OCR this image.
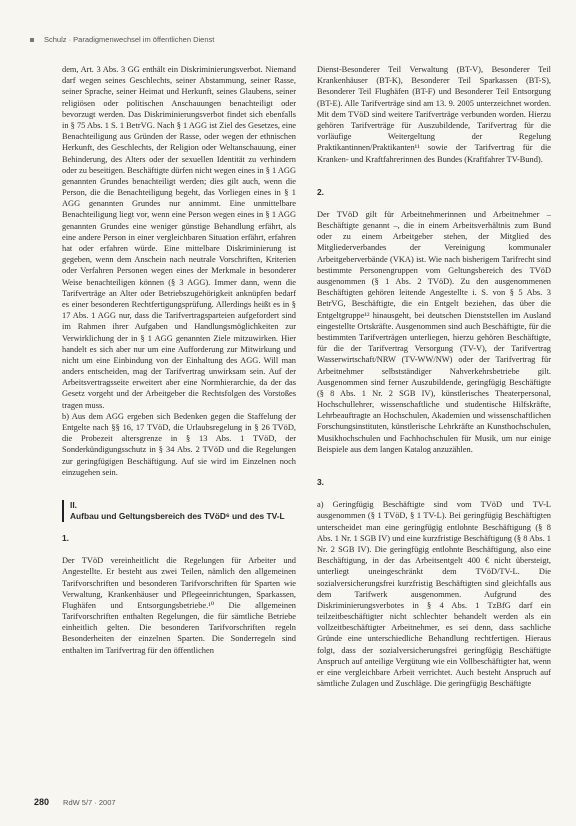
Schulz · Paradigmenwechsel im öffentlichen Dienst

dem, Art. 3 Abs. 3 GG enthält ein Diskriminierungsverbot. Niemand darf wegen seines Geschlechts, seiner Abstammung, seiner Rasse, seiner Sprache, seiner Heimat und Herkunft, seines Glaubens, seiner religiösen oder politischen Anschauungen benachteiligt oder bevorzugt werden. Das Diskriminierungsverbot findet sich ebenfalls in § 75 Abs. 1 S. 1 BetrVG. Nach § 1 AGG ist Ziel des Gesetzes, eine Benachteiligung aus Gründen der Rasse, oder wegen der ethnischen Herkunft, des Geschlechts, der Religion oder Weltanschauung, einer Behinderung, des Alters oder der sexuellen Identität zu verhindern oder zu beseitigen. Beschäftigte dürfen nicht wegen eines in § 1 AGG genannten Grundes benachteiligt werden; dies gilt auch, wenn die Person, die die Benachteiligung begeht, das Vorliegen eines in § 1 AGG genannten Grundes nur annimmt. Eine unmittelbare Benachteiligung liegt vor, wenn eine Person wegen eines in § 1 AGG genannten Grundes eine weniger günstige Behandlung erfährt, als eine andere Person in einer vergleichbaren Situation erfährt, erfahren hat oder erfahren würde. Eine mittelbare Diskriminierung ist gegeben, wenn dem Anschein nach neutrale Vorschriften, Kriterien oder Verfahren Personen wegen eines der Merkmale in besonderer Weise benachteiligen können (§ 3 AGG). Immer dann, wenn die Tarifverträge an Alter oder Betriebszugehörigkeit anknüpfen bedarf es einer besonderen Rechtfertigungsprüfung. Allerdings heißt es in § 17 Abs. 1 AGG nur, dass die Tarifvertragsparteien aufgefordert sind im Rahmen ihrer Aufgaben und Handlungsmöglichkeiten zur Verwirklichung der in § 1 AGG genannten Ziele mitzuwirken. Hier handelt es sich aber nur um eine Aufforderung zur Mitwirkung und nicht um eine Einbindung von der Einhaltung des AGG. Will man anders entscheiden, mag der Tarifvertrag unwirksam sein. Auf der Arbeitsvertragsseite erweitert aber eine Normhierarchie, da der das Gesetz vorgeht und der Arbeitgeber die Rechtsfolgen des Vorstoßes tragen muss.

b) Aus dem AGG ergeben sich Bedenken gegen die Staffelung der Entgelte nach §§ 16, 17 TVöD, die Urlaubsregelung in § 26 TVöD, die Probezeit altersgrenze in § 13 Abs. 1 TVöD, der Sonderkündigungsschutz in § 34 Abs. 2 TVöD und die Regelungen zur geringfügigen Beschäftigung. Auf sie wird im Einzelnen noch einzugehen sein.

II.
Aufbau und Geltungsbereich des TVöD⁶ und des TV-L

1.

Der TVöD vereinheitlicht die Regelungen für Arbeiter und Angestellte. Er besteht aus zwei Teilen, nämlich den allgemeinen Tarifvorschriften und besonderen Tarifvorschriften für Sparten wie Verwaltung, Krankenhäuser und Pflegeeinrichtungen, Sparkassen, Flughäfen und Entsorgungsbetriebe.¹⁰ Die allgemeinen Tarifvorschriften enthalten Regelungen, die für sämtliche Betriebe einheitlich gelten. Die besonderen Tarifvorschriften regeln Besonderheiten der einzelnen Sparten. Die Sonderregeln sind enthalten im Tarifvertrag für den öffentlichen

Dienst-Besonderer Teil Verwaltung (BT-V), Besonderer Teil Krankenhäuser (BT-K), Besonderer Teil Sparkassen (BT-S), Besonderer Teil Flughäfen (BT-F) und Besonderer Teil Entsorgung (BT-E). Alle Tarifverträge sind am 13. 9. 2005 unterzeichnet worden. Mit dem TVöD sind weitere Tarifverträge verbunden worden. Hierzu gehören Tarifverträge für Auszubildende, Tarifvertrag für die vorläufige Weitergeltung der Regelung Praktikantinnen/Praktikanten¹¹ sowie der Tarifvertrag für die Kranken- und Kraftfahrerinnen des Bundes (Kraftfahrer TV-Bund).

2.

Der TVöD gilt für Arbeitnehmerinnen und Arbeitnehmer – Beschäftigte genannt –, die in einem Arbeitsverhältnis zum Bund oder zu einem Arbeitgeber stehen, der Mitglied des Mitgliederverbandes der Vereinigung kommunaler Arbeitgeberverbände (VKA) ist. Wie nach bisherigem Tarifrecht sind bestimmte Personengruppen vom Geltungsbereich des TVöD ausgenommen (§ 1 Abs. 2 TVöD). Zu den ausgenommenen Beschäftigten gehören leitende Angestellte i. S. von § 5 Abs. 3 BetrVG, Beschäftigte, die ein Entgelt beziehen, das über die Entgeltgruppe¹² hinausgeht, bei deutschen Dienststellen im Ausland eingestellte Ortskräfte. Ausgenommen sind auch Beschäftigte, für die bestimmten Tarifverträgen unterliegen, hierzu gehören Beschäftigte, für die der Tarifvertrag Versorgung (TV-V), der Tarifvertrag Wasserwirtschaft/NRW (TV-WW/NW) oder der Tarifvertrag für Arbeitnehmer selbstständiger Nahverkehrsbetriebe gilt. Ausgenommen sind ferner Auszubildende, geringfügig Beschäftigte (§ 8 Abs. 1 Nr. 2 SGB IV), künstlerisches Theaterpersonal, Hochschullehrer, wissenschaftliche und studentische Hilfskräfte, Lehrbeauftragte an Hochschulen, Akademien und wissenschaftlichen Forschungsinstituten, künstlerische Lehrkräfte an Kunsthochschulen, Musikhochschulen und Fachhochschulen für Musik, um nur einige Beispiele aus dem langen Katalog anzuzählen.

3.

a) Geringfügig Beschäftigte sind vom TVöD und TV-L ausgenommen (§ 1 TVöD, § 1 TV-L). Bei geringfügig Beschäftigten unterscheidet man eine geringfügig entlohnte Beschäftigung (§ 8 Abs. 1 Nr. 1 SGB IV) und eine kurzfristige Beschäftigung (§ 8 Abs. 1 Nr. 2 SGB IV). Die geringfügig entlohnte Beschäftigung, also eine Beschäftigung, in der das Arbeitsentgelt 400 € nicht übersteigt, unterliegt uneingeschränkt dem TVöD/TV-L. Die sozialversicherungsfrei kurzfristig Beschäftigten sind gleichfalls aus dem Tarifwerk ausgenommen. Aufgrund des Diskriminierungsverbotes in § 4 Abs. 1 TzBfG darf ein teilzeitbeschäftigter nicht schlechter behandelt werden als ein vollzeitbeschäftigter Arbeitnehmer, es sei denn, dass sachliche Gründe eine unterschiedliche Behandlung rechtfertigen. Hieraus folgt, dass der sozialversicherungsfrei geringfügig Beschäftigte Anspruch auf anteilige Vergütung wie ein Vollbeschäftigter hat, wenn er eine vergleichbare Arbeit verrichtet. Auch besteht Anspruch auf sämtliche Zulagen und Zuschläge. Die geringfügig Beschäftigte

280 RdW 5/7 · 2007
